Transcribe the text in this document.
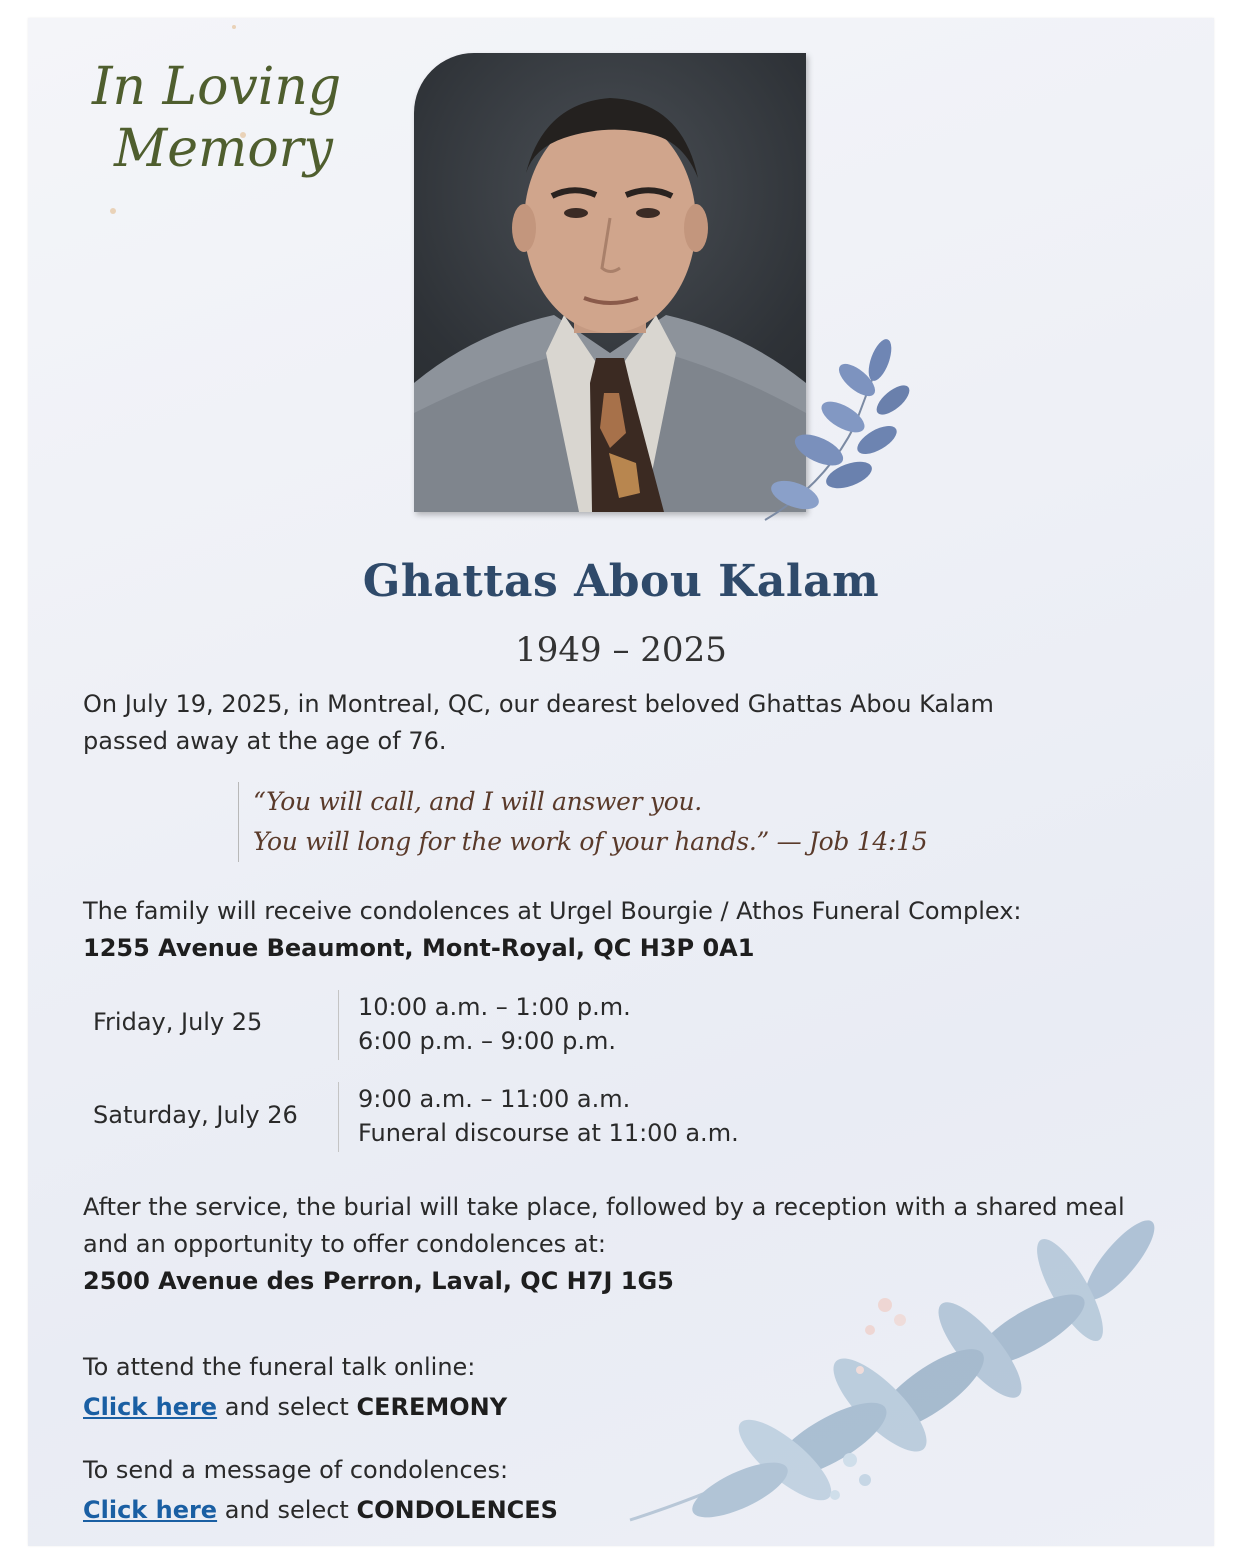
In Loving
Memory
Ghattas Abou Kalam
1949 – 2025
On July 19, 2025, in Montreal, QC, our dearest beloved Ghattas Abou Kalam
passed away at the age of 76.
“You will call, and I will answer you.
You will long for the work of your hands.” — Job 14:15
The family will receive condolences at Urgel Bourgie / Athos Funeral Complex:
1255 Avenue Beaumont, Mont-Royal, QC H3P 0A1
Friday, July 25
10:00 a.m. – 1:00 p.m.
6:00 p.m. – 9:00 p.m.
Saturday, July 26
9:00 a.m. – 11:00 a.m.
Funeral discourse at 11:00 a.m.
After the service, the burial will take place, followed by a reception with a shared meal
and an opportunity to offer condolences at:
2500 Avenue des Perron, Laval, QC H7J 1G5
To attend the funeral talk online:
Click here and select CEREMONY
To send a message of condolences:
Click here and select CONDOLENCES
